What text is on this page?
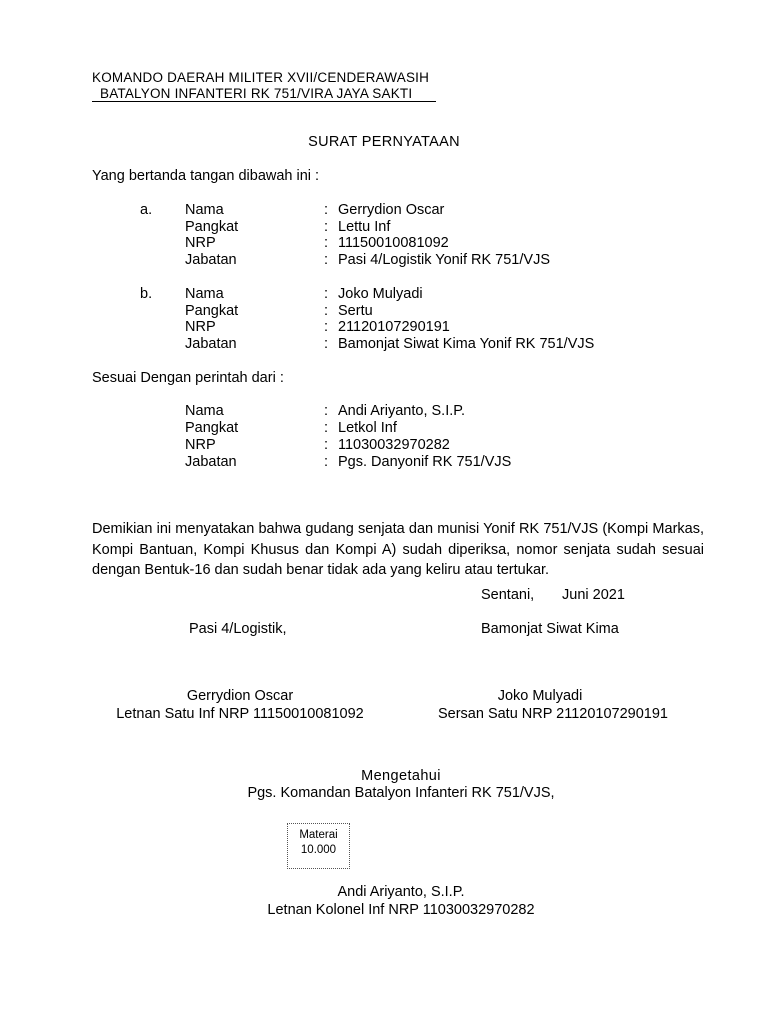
KOMANDO DAERAH MILITER XVII/CENDERAWASIH
BATALYON INFANTERI RK 751/VIRA JAYA SAKTI
SURAT PERNYATAAN
Yang bertanda tangan dibawah ini :
a. Nama	: Gerrydion Oscar
Pangkat	: Lettu Inf
NRP	: 11150010081092
Jabatan	: Pasi 4/Logistik Yonif RK 751/VJS
b. Nama	: Joko Mulyadi
Pangkat	: Sertu
NRP	: 21120107290191
Jabatan	: Bamonjat Siwat Kima Yonif RK 751/VJS
Sesuai Dengan perintah dari :
Nama	: Andi Ariyanto, S.I.P.
Pangkat	: Letkol Inf
NRP	: 11030032970282
Jabatan	: Pgs. Danyonif RK 751/VJS
Demikian ini menyatakan bahwa gudang senjata dan munisi Yonif RK 751/VJS (Kompi Markas, Kompi Bantuan, Kompi Khusus dan Kompi A) sudah diperiksa, nomor senjata sudah sesuai dengan Bentuk-16 dan sudah benar tidak ada yang keliru atau tertukar.
Sentani, Juni 2021
Pasi 4/Logistik,	Bamonjat Siwat Kima
Gerrydion Oscar	Joko Mulyadi
Letnan Satu Inf NRP 11150010081092	Sersan Satu NRP 21120107290191
Mengetahui
Pgs. Komandan Batalyon Infanteri RK 751/VJS,
Materai
10.000
Andi Ariyanto, S.I.P.
Letnan Kolonel Inf NRP 11030032970282
